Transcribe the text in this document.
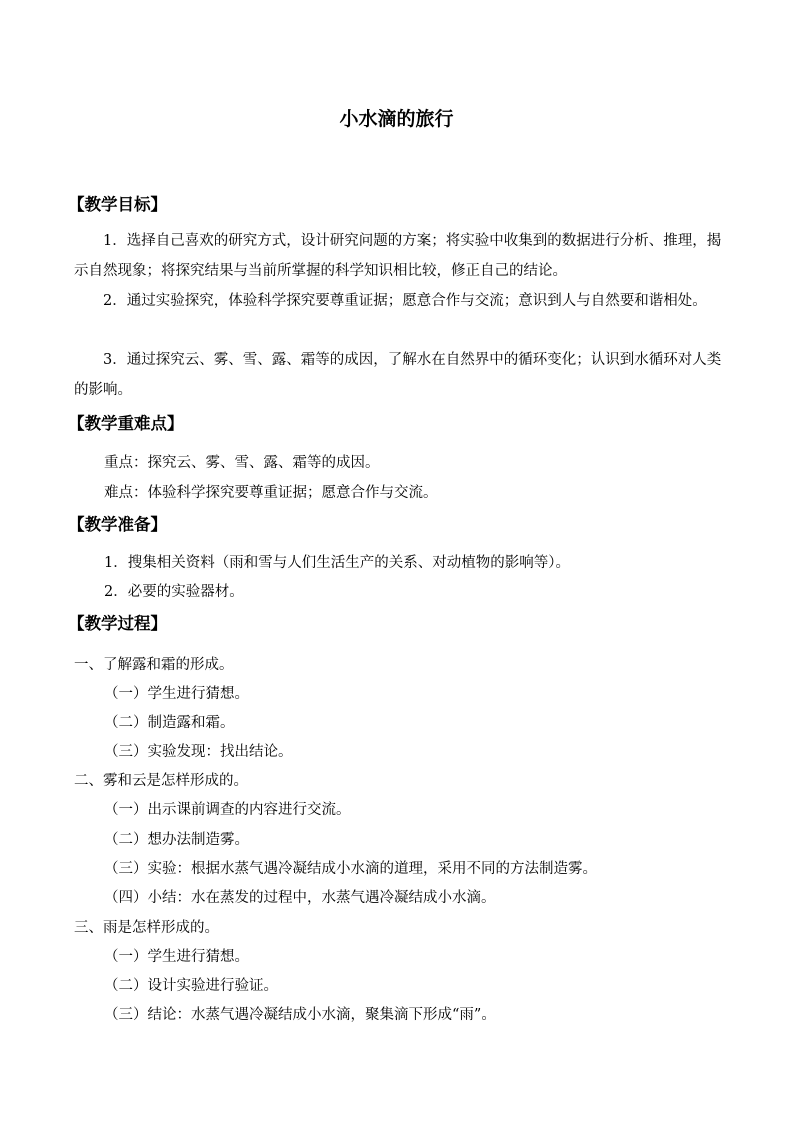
小水滴的旅行
【教学目标】
1．选择自己喜欢的研究方式，设计研究问题的方案；将实验中收集到的数据进行分析、推理，揭示自然现象；将探究结果与当前所掌握的科学知识相比较，修正自己的结论。
2．通过实验探究，体验科学探究要尊重证据；愿意合作与交流；意识到人与自然要和谐相处。
3．通过探究云、雾、雪、露、霜等的成因，了解水在自然界中的循环变化；认识到水循环对人类的影响。
【教学重难点】
重点：探究云、雾、雪、露、霜等的成因。
难点：体验科学探究要尊重证据；愿意合作与交流。
【教学准备】
1．搜集相关资料（雨和雪与人们生活生产的关系、对动植物的影响等）。
2．必要的实验器材。
【教学过程】
一、了解露和霜的形成。
（一）学生进行猜想。
（二）制造露和霜。
（三）实验发现：找出结论。
二、雾和云是怎样形成的。
（一）出示课前调查的内容进行交流。
（二）想办法制造雾。
（三）实验：根据水蒸气遇冷凝结成小水滴的道理，采用不同的方法制造雾。
（四）小结：水在蒸发的过程中，水蒸气遇冷凝结成小水滴。
三、雨是怎样形成的。
（一）学生进行猜想。
（二）设计实验进行验证。
（三）结论：水蒸气遇冷凝结成小水滴，聚集滴下形成“雨”。
